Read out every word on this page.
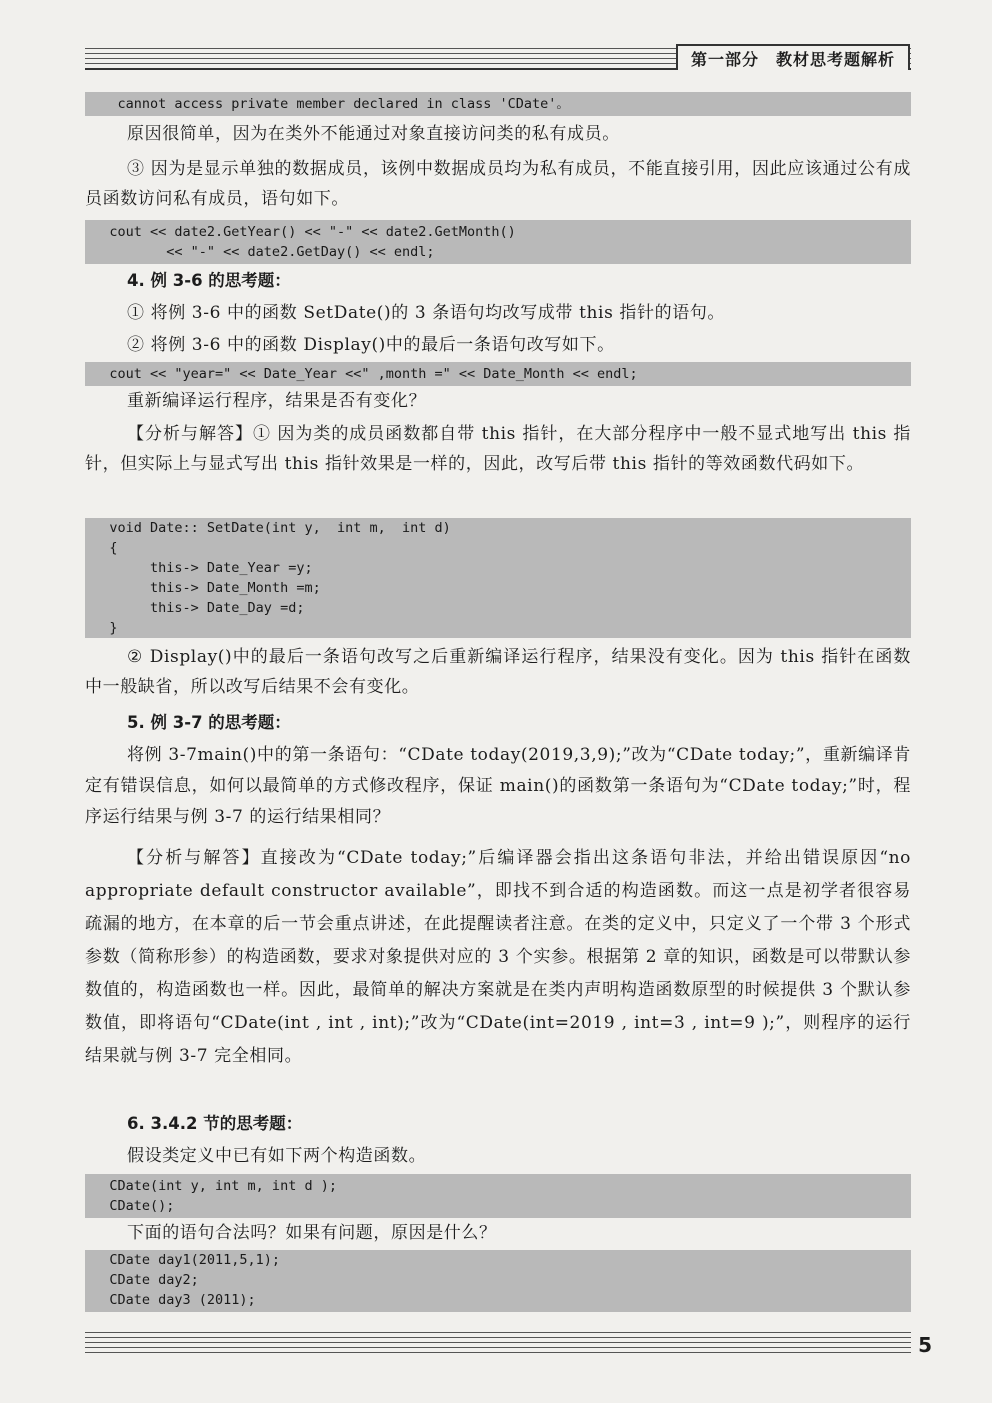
第一部分　教材思考题解析
cannot access private member declared in class 'CDate'。
原因很简单，因为在类外不能通过对象直接访问类的私有成员。
③ 因为是显示单独的数据成员，该例中数据成员均为私有成员，不能直接引用，因此应该通过公有成员函数访问私有成员，语句如下。
cout << date2.GetYear() << "-" << date2.GetMonth()
<< "-" << date2.GetDay() << endl;
4. 例 3-6 的思考题：
① 将例 3-6 中的函数 SetDate()的 3 条语句均改写成带 this 指针的语句。
② 将例 3-6 中的函数 Display()中的最后一条语句改写如下。
cout << "year=" << Date_Year <<" ,month =" << Date_Month << endl;
重新编译运行程序，结果是否有变化？
【分析与解答】① 因为类的成员函数都自带 this 指针，在大部分程序中一般不显式地写出 this 指针，但实际上与显式写出 this 指针效果是一样的，因此，改写后带 this 指针的等效函数代码如下。
void Date:: SetDate(int y,  int m,  int d)
{
this-> Date_Year =y;
this-> Date_Month =m;
this-> Date_Day =d;
}
② Display()中的最后一条语句改写之后重新编译运行程序，结果没有变化。因为 this 指针在函数中一般缺省，所以改写后结果不会有变化。
5. 例 3-7 的思考题：
将例 3-7main()中的第一条语句：“CDate today(2019,3,9);”改为“CDate today;”，重新编译肯定有错误信息，如何以最简单的方式修改程序，保证 main()的函数第一条语句为“CDate today;”时，程序运行结果与例 3-7 的运行结果相同？
【分析与解答】直接改为“CDate today;”后编译器会指出这条语句非法，并给出错误原因“no appropriate default constructor available”，即找不到合适的构造函数。而这一点是初学者很容易疏漏的地方，在本章的后一节会重点讲述，在此提醒读者注意。在类的定义中，只定义了一个带 3 个形式参数（简称形参）的构造函数，要求对象提供对应的 3 个实参。根据第 2 章的知识，函数是可以带默认参数值的，构造函数也一样。因此，最简单的解决方案就是在类内声明构造函数原型的时候提供 3 个默认参数值，即将语句“CDate(int , int , int);”改为“CDate(int=2019 , int=3 , int=9 );”，则程序的运行结果就与例 3-7 完全相同。
6. 3.4.2 节的思考题：
假设类定义中已有如下两个构造函数。
CDate(int y, int m, int d );
CDate();
下面的语句合法吗？如果有问题，原因是什么？
CDate day1(2011,5,1);
CDate day2;
CDate day3 (2011);
5
